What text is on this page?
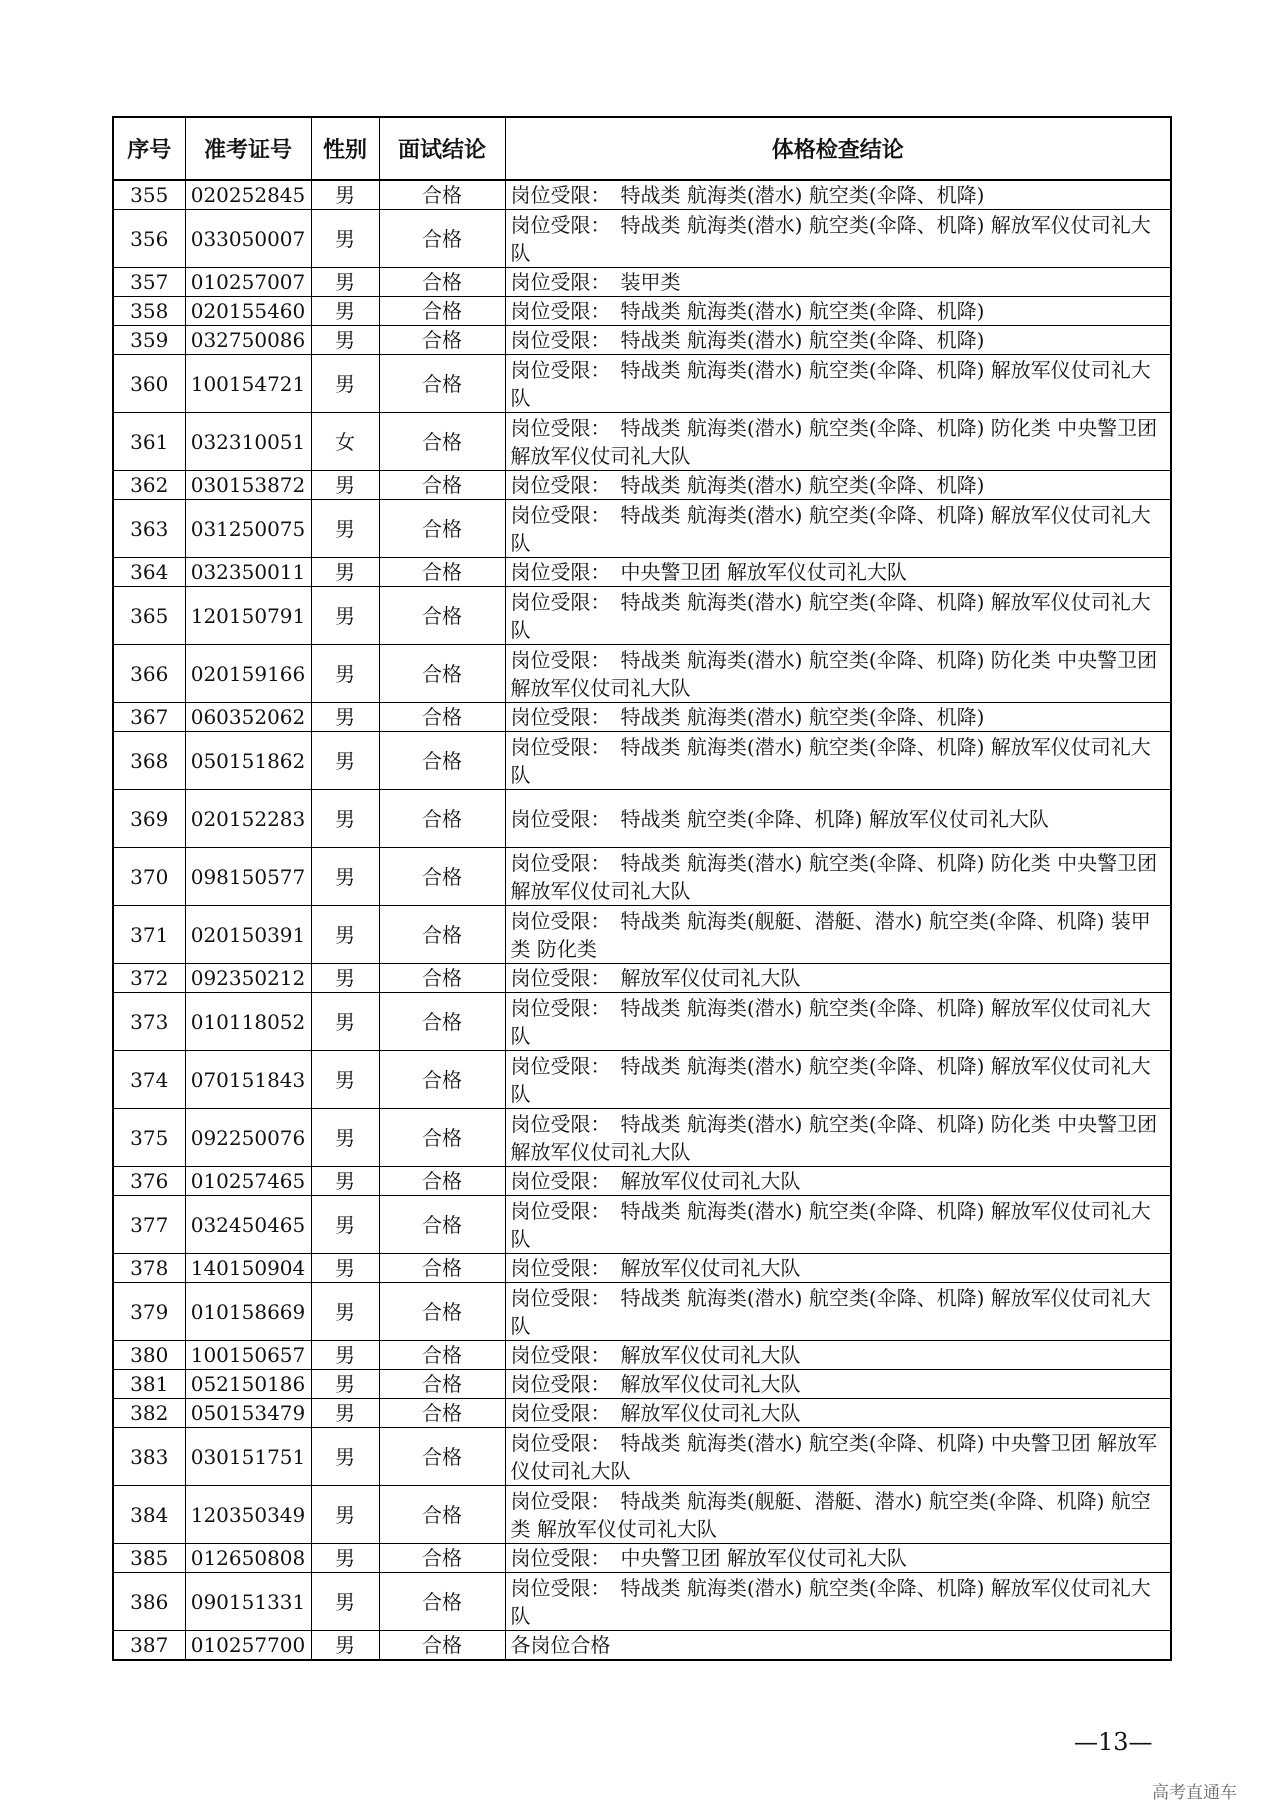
序号	准考证号	性别	面试结论	体格检查结论
355	020252845	男	合格	岗位受限：　特战类 航海类(潜水) 航空类(伞降、机降)
356	033050007	男	合格	岗位受限：　特战类 航海类(潜水) 航空类(伞降、机降) 解放军仪仗司礼大队
357	010257007	男	合格	岗位受限：　装甲类
358	020155460	男	合格	岗位受限：　特战类 航海类(潜水) 航空类(伞降、机降)
359	032750086	男	合格	岗位受限：　特战类 航海类(潜水) 航空类(伞降、机降)
360	100154721	男	合格	岗位受限：　特战类 航海类(潜水) 航空类(伞降、机降) 解放军仪仗司礼大队
361	032310051	女	合格	岗位受限：　特战类 航海类(潜水) 航空类(伞降、机降) 防化类 中央警卫团 解放军仪仗司礼大队
362	030153872	男	合格	岗位受限：　特战类 航海类(潜水) 航空类(伞降、机降)
363	031250075	男	合格	岗位受限：　特战类 航海类(潜水) 航空类(伞降、机降) 解放军仪仗司礼大队
364	032350011	男	合格	岗位受限：　中央警卫团 解放军仪仗司礼大队
365	120150791	男	合格	岗位受限：　特战类 航海类(潜水) 航空类(伞降、机降) 解放军仪仗司礼大队
366	020159166	男	合格	岗位受限：　特战类 航海类(潜水) 航空类(伞降、机降) 防化类 中央警卫团 解放军仪仗司礼大队
367	060352062	男	合格	岗位受限：　特战类 航海类(潜水) 航空类(伞降、机降)
368	050151862	男	合格	岗位受限：　特战类 航海类(潜水) 航空类(伞降、机降) 解放军仪仗司礼大队
369	020152283	男	合格	岗位受限：　特战类 航空类(伞降、机降) 解放军仪仗司礼大队
370	098150577	男	合格	岗位受限：　特战类 航海类(潜水) 航空类(伞降、机降) 防化类 中央警卫团 解放军仪仗司礼大队
371	020150391	男	合格	岗位受限：　特战类 航海类(舰艇、潜艇、潜水) 航空类(伞降、机降) 装甲类 防化类
372	092350212	男	合格	岗位受限：　解放军仪仗司礼大队
373	010118052	男	合格	岗位受限：　特战类 航海类(潜水) 航空类(伞降、机降) 解放军仪仗司礼大队
374	070151843	男	合格	岗位受限：　特战类 航海类(潜水) 航空类(伞降、机降) 解放军仪仗司礼大队
375	092250076	男	合格	岗位受限：　特战类 航海类(潜水) 航空类(伞降、机降) 防化类 中央警卫团 解放军仪仗司礼大队
376	010257465	男	合格	岗位受限：　解放军仪仗司礼大队
377	032450465	男	合格	岗位受限：　特战类 航海类(潜水) 航空类(伞降、机降) 解放军仪仗司礼大队
378	140150904	男	合格	岗位受限：　解放军仪仗司礼大队
379	010158669	男	合格	岗位受限：　特战类 航海类(潜水) 航空类(伞降、机降) 解放军仪仗司礼大队
380	100150657	男	合格	岗位受限：　解放军仪仗司礼大队
381	052150186	男	合格	岗位受限：　解放军仪仗司礼大队
382	050153479	男	合格	岗位受限：　解放军仪仗司礼大队
383	030151751	男	合格	岗位受限：　特战类 航海类(潜水) 航空类(伞降、机降) 中央警卫团 解放军仪仗司礼大队
384	120350349	男	合格	岗位受限：　特战类 航海类(舰艇、潜艇、潜水) 航空类(伞降、机降) 航空类 解放军仪仗司礼大队
385	012650808	男	合格	岗位受限：　中央警卫团 解放军仪仗司礼大队
386	090151331	男	合格	岗位受限：　特战类 航海类(潜水) 航空类(伞降、机降) 解放军仪仗司礼大队
387	010257700	男	合格	各岗位合格
—13—
高考直通车
